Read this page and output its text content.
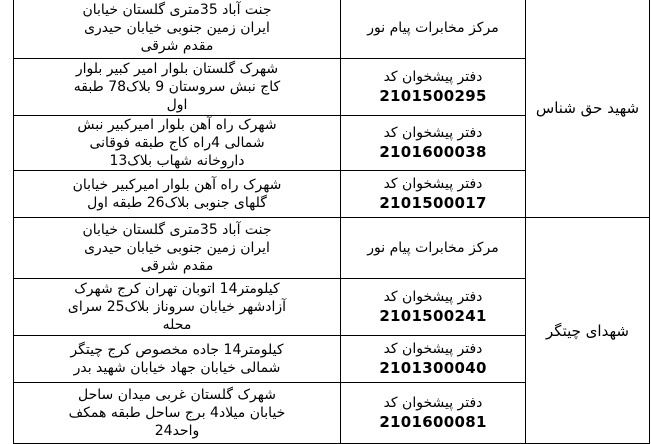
شهید حق شناس	مرکز مخابرات پیام نور	جنت آباد 35متری گلستان خیابان
ایران زمین جنوبی خیابان حیدری
مقدم شرقی

	دفتر پیشخوان کد
2101500295	شهرک گلستان بلوار امیر کبیر بلوار
کاج نبش سروستان 9 بلاک78 طبقه
اول

	دفتر پیشخوان کد
2101600038	شهرک راه آهن بلوار امیرکبیر نبش
شمالی 4راه کاج طبقه فوقانی
داروخانه شهاب بلاک13

	دفتر پیشخوان کد
2101500017	شهرک راه آهن بلوار امیرکبیر خیابان
گلهای جنوبی بلاک26 طبقه اول

شهدای چیتگر	مرکز مخابرات پیام نور	جنت آباد 35متری گلستان خیابان
ایران زمین جنوبی خیابان حیدری
مقدم شرقی

	دفتر پیشخوان کد
2101500241	کیلومتر14 اتوبان تهران کرج شهرک
آزادشهر خیابان سروناز بلاک25 سرای
محله

	دفتر پیشخوان کد
2101300040	کیلومتر14 جاده مخصوص کرج چیتگر
شمالی خیابان جهاد خیابان شهید بدر

	دفتر پیشخوان کد
2101600081	شهرک گلستان غربی میدان ساحل
خیابان میلاد4 برج ساحل طبقه همکف
واحد24
